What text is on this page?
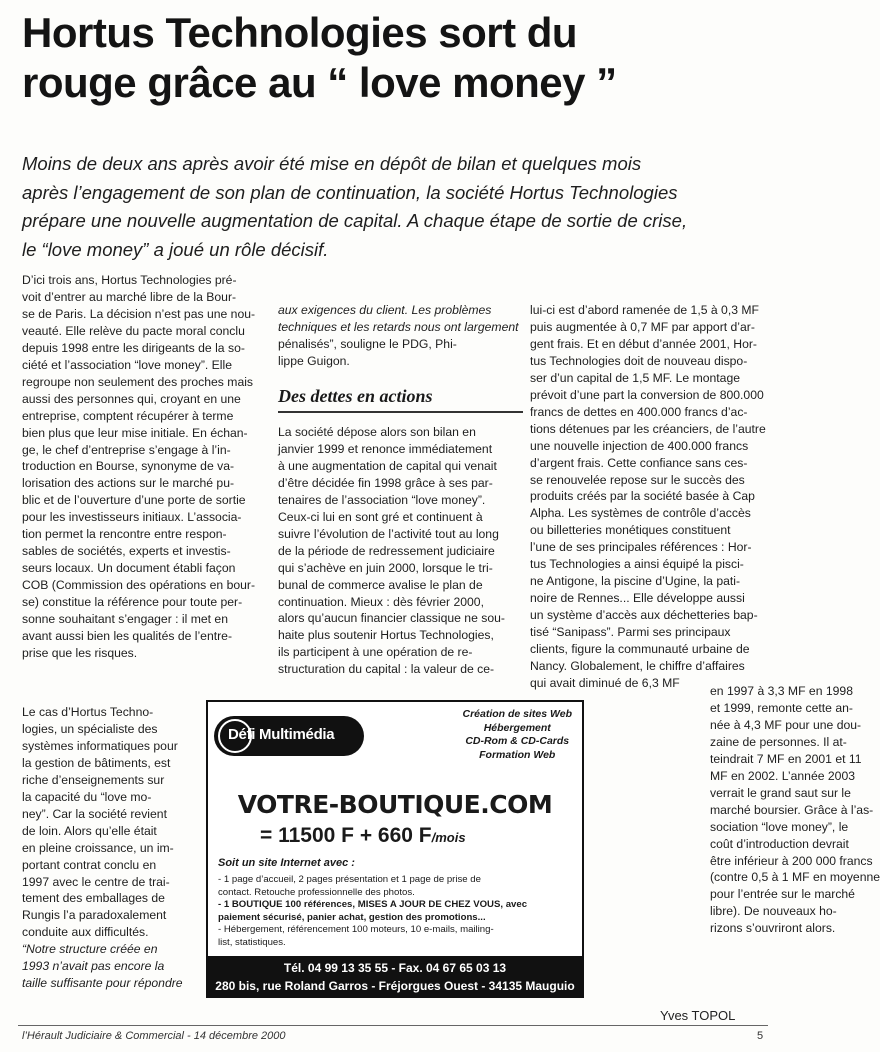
Hortus Technologies sort du
rouge grâce au “ love money ”
Moins de deux ans après avoir été mise en dépôt de bilan et quelques mois
après l’engagement de son plan de continuation, la société Hortus Technologies
prépare une nouvelle augmentation de capital. A chaque étape de sortie de crise,
le “love money” a joué un rôle décisif.
D’ici trois ans, Hortus Technologies pré-
voit d’entrer au marché libre de la Bour-
se de Paris. La décision n’est pas une nou-
veauté. Elle relève du pacte moral conclu
depuis 1998 entre les dirigeants de la so-
ciété et l’association “love money”. Elle
regroupe non seulement des proches mais
aussi des personnes qui, croyant en une
entreprise, comptent récupérer à terme
bien plus que leur mise initiale. En échan-
ge, le chef d’entreprise s’engage à l’in-
troduction en Bourse, synonyme de va-
lorisation des actions sur le marché pu-
blic et de l’ouverture d’une porte de sortie
pour les investisseurs initiaux. L’associa-
tion permet la rencontre entre respon-
sables de sociétés, experts et investis-
seurs locaux. Un document établi façon
COB (Commission des opérations en bour-
se) constitue la référence pour toute per-
sonne souhaitant s’engager : il met en
avant aussi bien les qualités de l’entre-
prise que les risques.
Le cas d’Hortus Techno-
logies, un spécialiste des
systèmes informatiques pour
la gestion de bâtiments, est
riche d’enseignements sur
la capacité du “love mo-
ney”. Car la société revient
de loin. Alors qu’elle était
en pleine croissance, un im-
portant contrat conclu en
1997 avec le centre de trai-
tement des emballages de
Rungis l’a paradoxalement
conduite aux difficultés.
“Notre structure créée en
1993 n’avait pas encore la
taille suffisante pour répondre
aux exigences du client. Les problèmes
techniques et les retards nous ont largement
pénalisés”, souligne le PDG, Phi-
lippe Guigon.
Des dettes en actions
La société dépose alors son bilan en
janvier 1999 et renonce immédiatement
à une augmentation de capital qui venait
d’être décidée fin 1998 grâce à ses par-
tenaires de l’association “love money”.
Ceux-ci lui en sont gré et continuent à
suivre l’évolution de l’activité tout au long
de la période de redressement judiciaire
qui s’achève en juin 2000, lorsque le tri-
bunal de commerce avalise le plan de
continuation. Mieux : dès février 2000,
alors qu’aucun financier classique ne sou-
haite plus soutenir Hortus Technologies,
ils participent à une opération de re-
structuration du capital : la valeur de ce-
lui-ci est d’abord ramenée de 1,5 à 0,3 MF
puis augmentée à 0,7 MF par apport d’ar-
gent frais. Et en début d’année 2001, Hor-
tus Technologies doit de nouveau dispo-
ser d’un capital de 1,5 MF. Le montage
prévoit d’une part la conversion de 800.000
francs de dettes en 400.000 francs d’ac-
tions détenues par les créanciers, de l’autre
une nouvelle injection de 400.000 francs
d’argent frais. Cette confiance sans ces-
se renouvelée repose sur le succès des
produits créés par la société basée à Cap
Alpha. Les systèmes de contrôle d’accès
ou billetteries monétiques constituent
l’une de ses principales références : Hor-
tus Technologies a ainsi équipé la pisci-
ne Antigone, la piscine d’Ugine, la pati-
noire de Rennes... Elle développe aussi
un système d’accès aux déchetteries bap-
tisé “Sanipass”. Parmi ses principaux
clients, figure la communauté urbaine de
Nancy. Globalement, le chiffre d’affaires
qui avait diminué de 6,3 MF
en 1997 à 3,3 MF en 1998
et 1999, remonte cette an-
née à 4,3 MF pour une dou-
zaine de personnes. Il at-
teindrait 7 MF en 2001 et 11
MF en 2002. L’année 2003
verrait le grand saut sur le
marché boursier. Grâce à l’as-
sociation “love money”, le
coût d’introduction devrait
être inférieur à 200 000 francs
(contre 0,5 à 1 MF en moyenne
pour l’entrée sur le marché
libre). De nouveaux ho-
rizons s’ouvriront alors.
Défi Multimédia
Création de sites Web
Hébergement
CD-Rom & CD-Cards
Formation Web
VOTRE-BOUTIQUE.COM
= 11500 F + 660 F/mois
Soit un site Internet avec :
- 1 page d’accueil, 2 pages présentation et 1 page de prise de
contact. Retouche professionnelle des photos.
- 1 BOUTIQUE 100 références, MISES A JOUR DE CHEZ VOUS, avec
paiement sécurisé, panier achat, gestion des promotions...
- Hébergement, référencement 100 moteurs, 10 e-mails, mailing-
list, statistiques.
Tél. 04 99 13 35 55 - Fax. 04 67 65 03 13
280 bis, rue Roland Garros - Fréjorgues Ouest - 34135 Mauguio
Yves TOPOL
l’Hérault Judiciaire & Commercial - 14 décembre 2000	5
